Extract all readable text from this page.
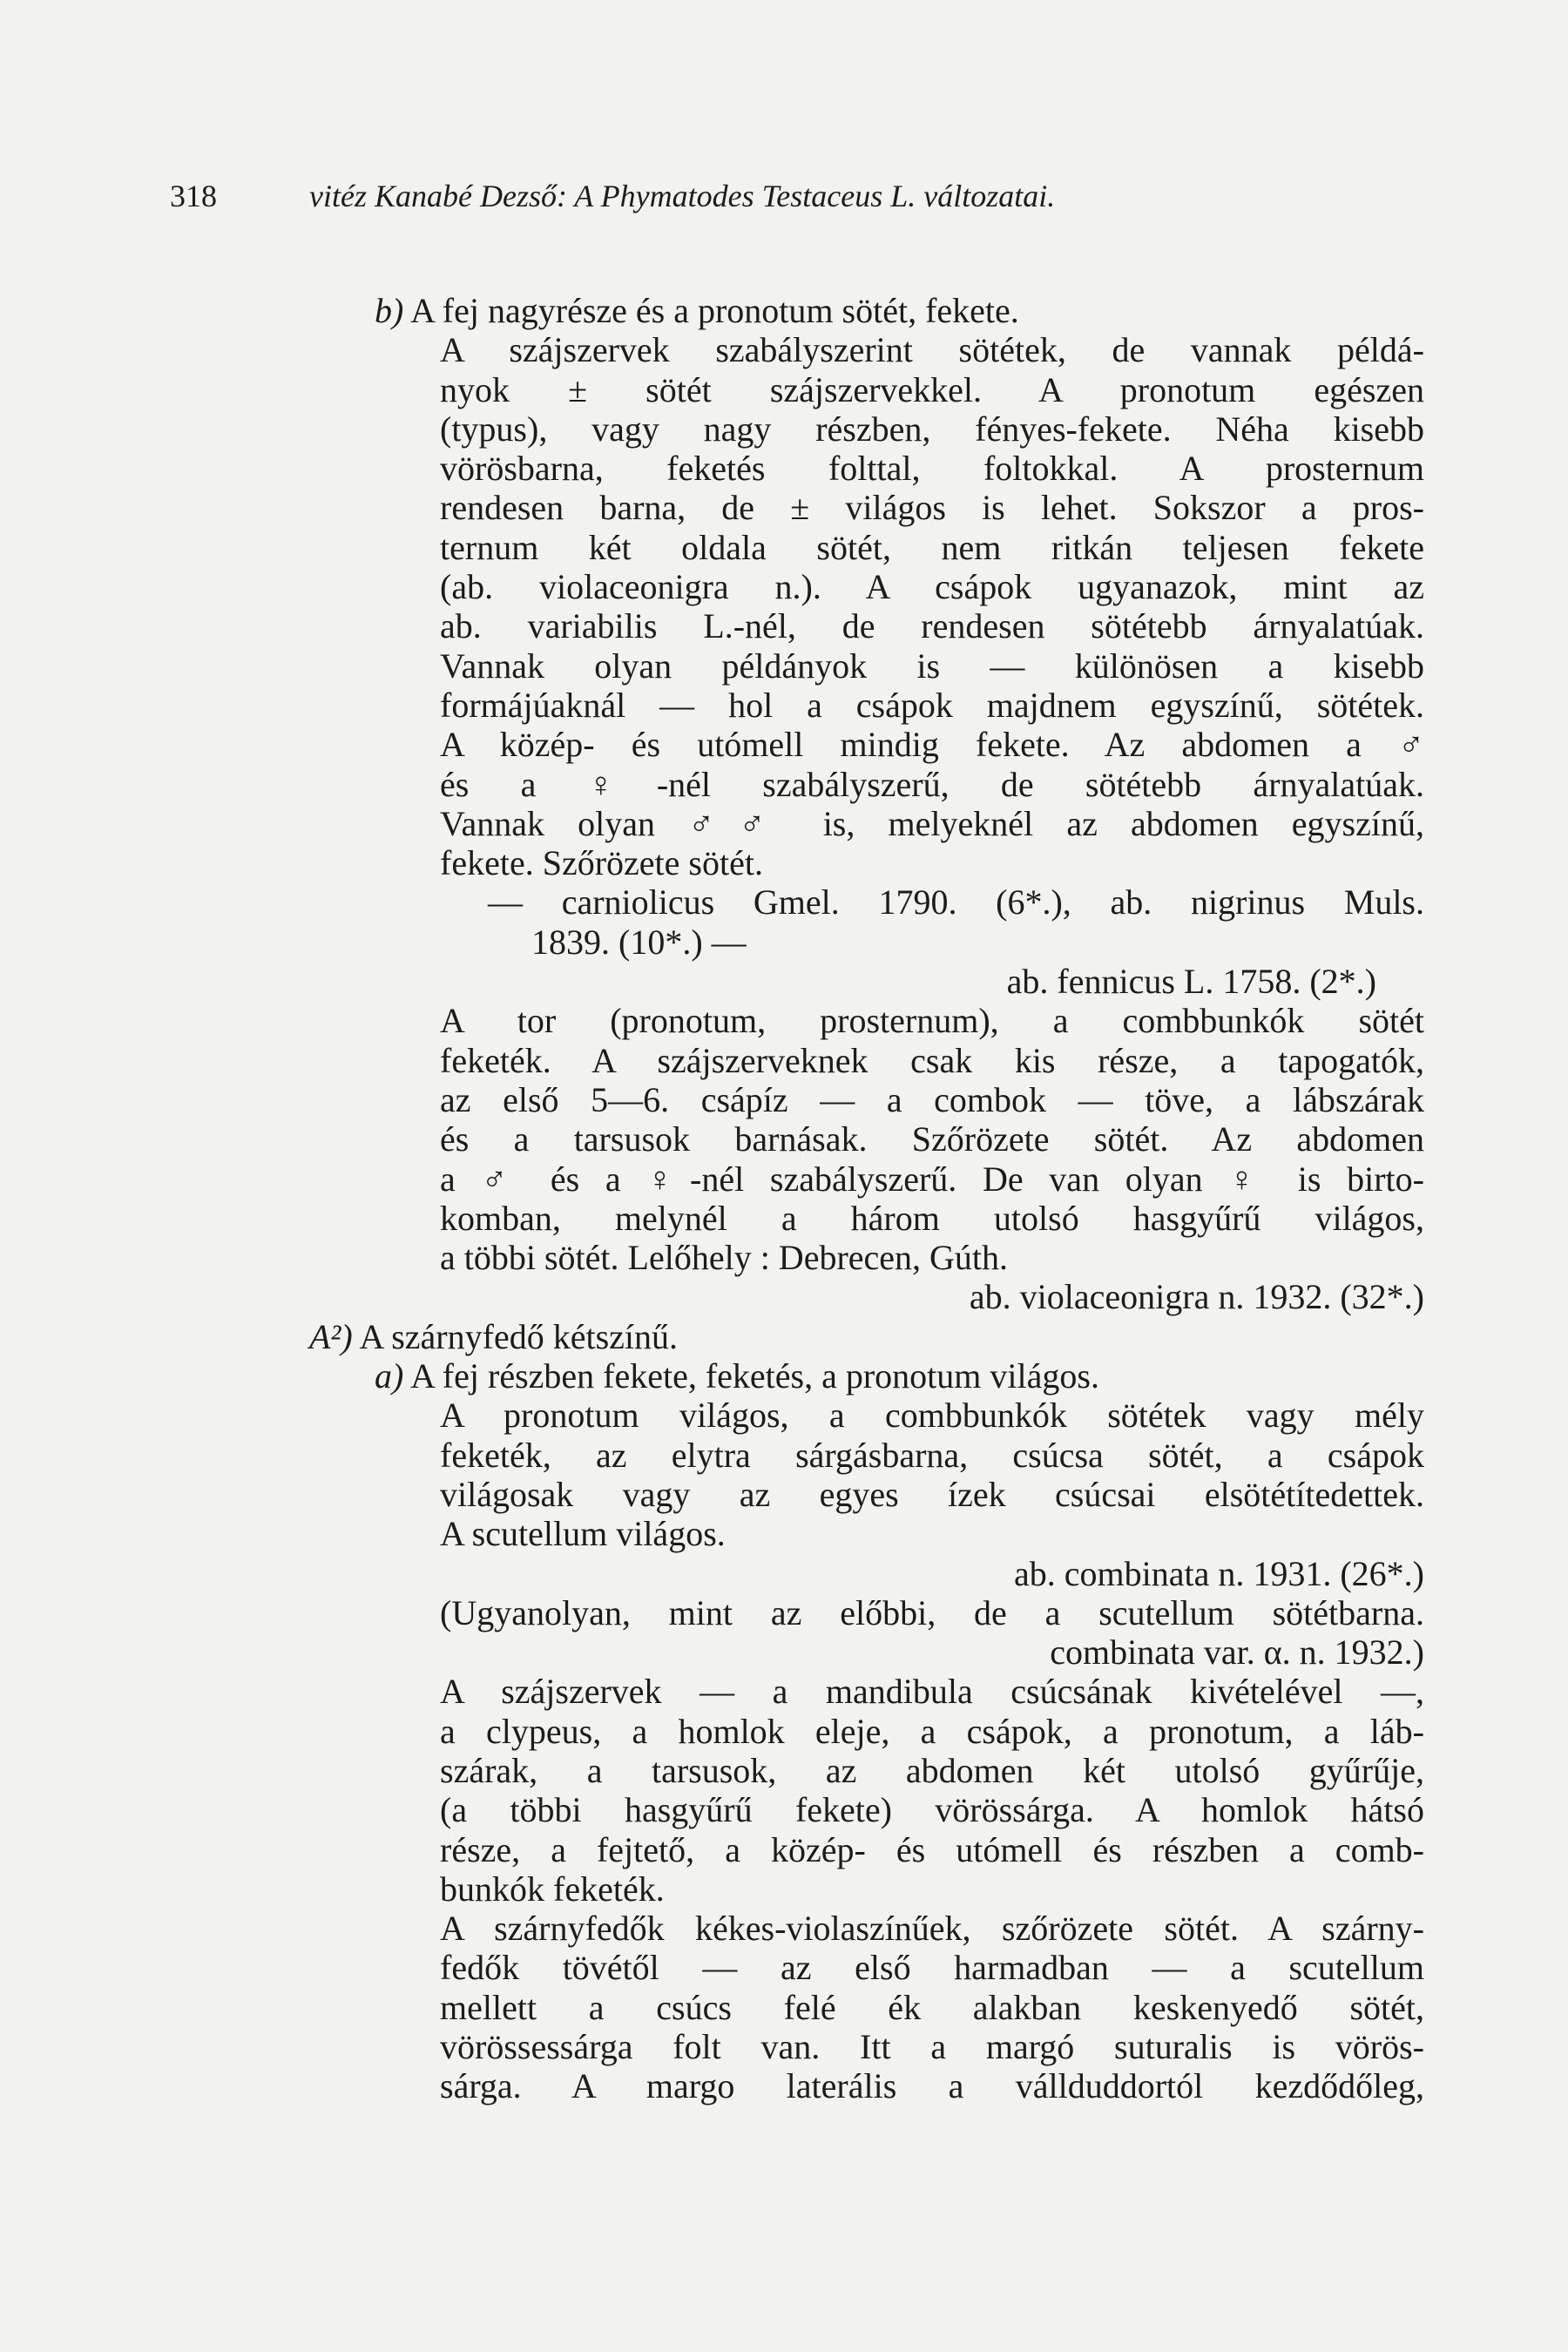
318	vitéz Kanabé Dezső: A Phymatodes Testaceus L. változatai.

b) A fej nagyrésze és a pronotum sötét, fekete.

A szájszervek szabályszerint sötétek, de vannak példá-

nyok ± sötét szájszervekkel. A pronotum egészen

(typus), vagy nagy részben, fényes-fekete. Néha kisebb

vörösbarna, feketés folttal, foltokkal. A prosternum

rendesen barna, de ± világos is lehet. Sokszor a pros-

ternum két oldala sötét, nem ritkán teljesen fekete

(ab. violaceonigra n.). A csápok ugyanazok, mint az

ab. variabilis L.-nél, de rendesen sötétebb árnyalatúak.

Vannak olyan példányok is — különösen a kisebb

formájúaknál — hol a csápok majdnem egyszínű, sötétek.

A közép- és utómell mindig fekete. Az abdomen a ♂

és a ♀-nél szabályszerű, de sötétebb árnyalatúak.

Vannak olyan ♂♂ is, melyeknél az abdomen egyszínű,

fekete. Szőrözete sötét.

— carniolicus Gmel. 1790. (6*.), ab. nigrinus Muls.

1839. (10*.) —

ab. fennicus L. 1758. (2*.)

A tor (pronotum, prosternum), a combbunkók sötét

feketék. A szájszerveknek csak kis része, a tapogatók,

az első 5—6. csápíz — a combok — töve, a lábszárak

és a tarsusok barnásak. Szőrözete sötét. Az abdomen

a ♂ és a ♀-nél szabályszerű. De van olyan ♀ is birto-

komban, melynél a három utolsó hasgyűrű világos,

a többi sötét. Lelőhely : Debrecen, Gúth.

ab. violaceonigra n. 1932. (32*.)

A²) A szárnyfedő kétszínű.

a) A fej részben fekete, feketés, a pronotum világos.

A pronotum világos, a combbunkók sötétek vagy mély

feketék, az elytra sárgásbarna, csúcsa sötét, a csápok

világosak vagy az egyes ízek csúcsai elsötétítedettek.

A scutellum világos.

ab. combinata n. 1931. (26*.)

(Ugyanolyan, mint az előbbi, de a scutellum sötétbarna.

combinata var. α. n. 1932.)

A szájszervek — a mandibula csúcsának kivételével —,

a clypeus, a homlok eleje, a csápok, a pronotum, a láb-

szárak, a tarsusok, az abdomen két utolsó gyűrűje,

(a többi hasgyűrű fekete) vörössárga. A homlok hátsó

része, a fejtető, a közép- és utómell és részben a comb-

bunkók feketék.

A szárnyfedők kékes-violaszínűek, szőrözete sötét. A szárny-

fedők tövétől — az első harmadban — a scutellum

mellett a csúcs felé ék alakban keskenyedő sötét,

vörössessárga folt van. Itt a margó suturalis is vörös-

sárga. A margo laterális a vállduddortól kezdődőleg,
